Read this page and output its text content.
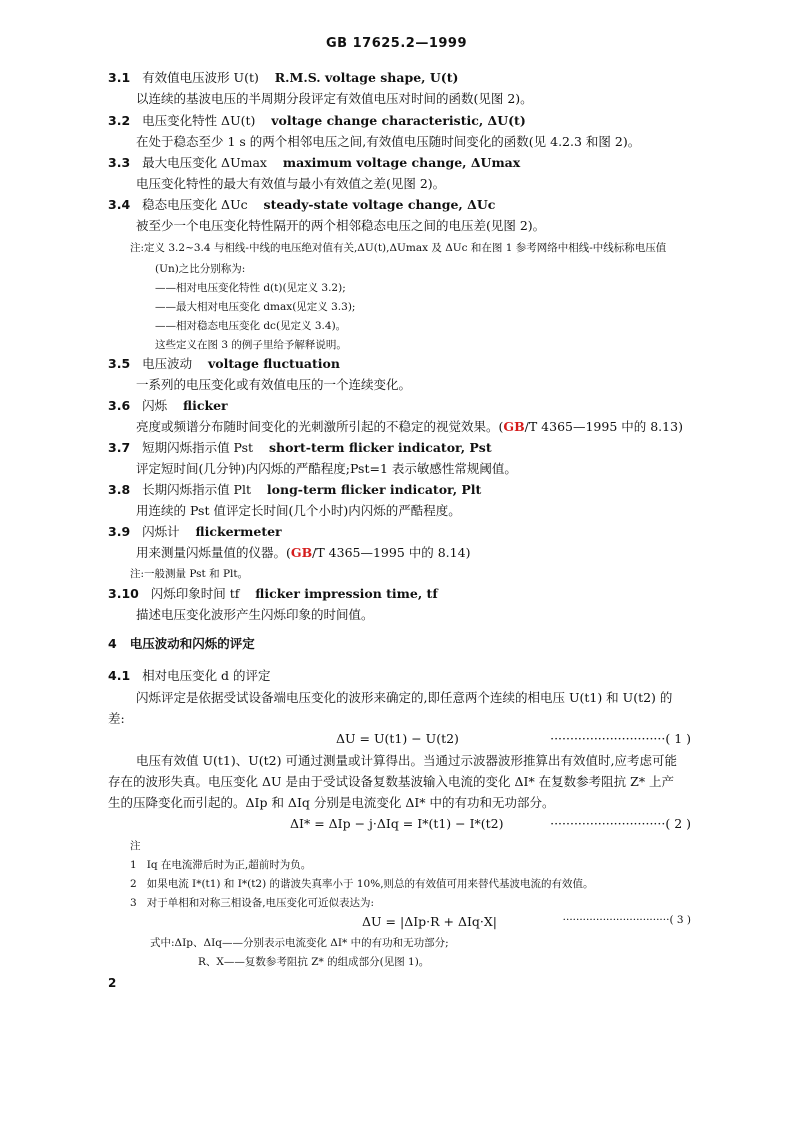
GB 17625.2—1999
3.1 有效值电压波形 U(t) R.M.S. voltage shape, U(t)
以连续的基波电压的半周期分段评定有效值电压对时间的函数(见图 2)。
3.2 电压变化特性 ΔU(t) voltage change characteristic, ΔU(t)
在处于稳态至少 1 s 的两个相邻电压之间,有效值电压随时间变化的函数(见 4.2.3 和图 2)。
3.3 最大电压变化 ΔUmax maximum voltage change, ΔUmax
电压变化特性的最大有效值与最小有效值之差(见图 2)。
3.4 稳态电压变化 ΔUc steady-state voltage change, ΔUc
被至少一个电压变化特性隔开的两个相邻稳态电压之间的电压差(见图 2)。
注:定义 3.2~3.4 与相线-中线的电压绝对值有关,ΔU(t),ΔUmax 及 ΔUc 和在图 1 参考网络中相线-中线标称电压值
(Un)之比分别称为:
——相对电压变化特性 d(t)(见定义 3.2);
——最大相对电压变化 dmax(见定义 3.3);
——相对稳态电压变化 dc(见定义 3.4)。
这些定义在图 3 的例子里给予解释说明。
3.5 电压波动 voltage fluctuation
一系列的电压变化或有效值电压的一个连续变化。
3.6 闪烁 flicker
亮度或频谱分布随时间变化的光刺激所引起的不稳定的视觉效果。(GB/T 4365—1995 中的 8.13)
3.7 短期闪烁指示值 Pst short-term flicker indicator, Pst
评定短时间(几分钟)内闪烁的严酷程度;Pst=1 表示敏感性常规阈值。
3.8 长期闪烁指示值 Plt long-term flicker indicator, Plt
用连续的 Pst 值评定长时间(几个小时)内闪烁的严酷程度。
3.9 闪烁计 flickermeter
用来测量闪烁量值的仪器。(GB/T 4365—1995 中的 8.14)
注:一般测量 Pst 和 Plt。
3.10 闪烁印象时间 tf flicker impression time, tf
描述电压变化波形产生闪烁印象的时间值。
4 电压波动和闪烁的评定
4.1 相对电压变化 d 的评定
闪烁评定是依据受试设备端电压变化的波形来确定的,即任意两个连续的相电压 U(t1) 和 U(t2) 的
差:
ΔU = U(t1) − U(t2)	·····························( 1 )
电压有效值 U(t1)、U(t2) 可通过测量或计算得出。当通过示波器波形推算出有效值时,应考虑可能
存在的波形失真。电压变化 ΔU 是由于受试设备复数基波输入电流的变化 ΔI* 在复数参考阻抗 Z* 上产
生的压降变化而引起的。ΔIp 和 ΔIq 分别是电流变化 ΔI* 中的有功和无功部分。
ΔI* = ΔIp − j·ΔIq = I*(t1) − I*(t2)	·····························( 2 )
注
1 Iq 在电流滞后时为正,超前时为负。
2 如果电流 I*(t1) 和 I*(t2) 的谐波失真率小于 10%,则总的有效值可用来替代基波电流的有效值。
3 对于单相和对称三相设备,电压变化可近似表达为:
ΔU = |ΔIp·R + ΔIq·X|	································( 3 )
式中:ΔIp、ΔIq——分别表示电流变化 ΔI* 中的有功和无功部分;
R、X——复数参考阻抗 Z* 的组成部分(见图 1)。
2
